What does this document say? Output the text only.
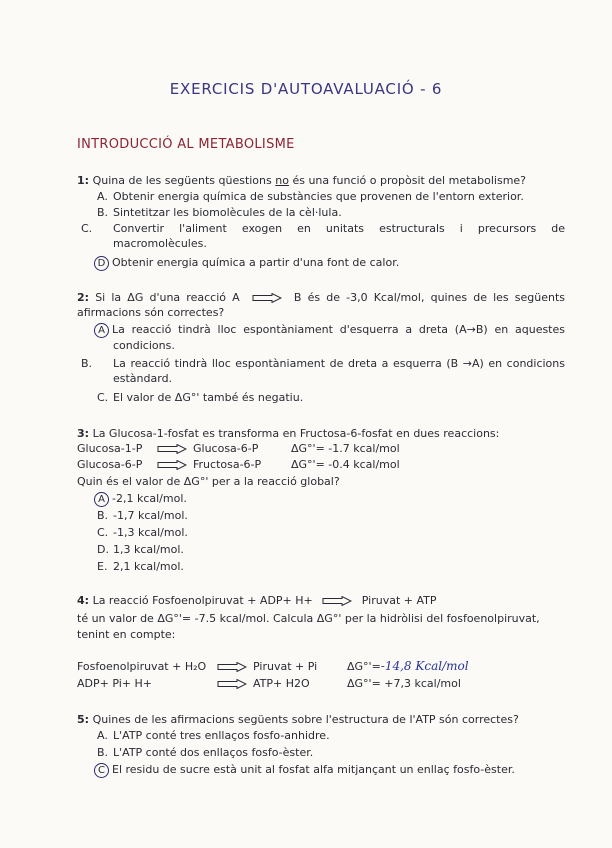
EXERCICIS D'AUTOAVALUACIÓ - 6
INTRODUCCIÓ AL METABOLISME
1: Quina de les següents qüestions no és una funció o propòsit del metabolisme?
A. Obtenir energia química de substàncies que provenen de l'entorn exterior.
B. Sintetitzar les biomolècules de la cèl·lula.
C. Convertir l'aliment exogen en unitats estructurals i precursors de macromolècules.
D Obtenir energia química a partir d'una font de calor.
2: Si la ΔG d'una reacció A	B és de -3,0 Kcal/mol, quines de les següents afirmacions són correctes?
A La reacció tindrà lloc espontàniament d'esquerra a dreta (A→B) en aquestes condicions.
B. La reacció tindrà lloc espontàniament de dreta a esquerra (B →A) en condicions estàndard.
C. El valor de ΔG°' també és negatiu.
3: La Glucosa-1-fosfat es transforma en Fructosa-6-fosfat en dues reaccions:
Glucosa-1-P	Glucosa-6-P	ΔG°'= -1.7 kcal/mol
Glucosa-6-P	Fructosa-6-P	ΔG°'= -0.4 kcal/mol
Quin és el valor de ΔG°' per a la reacció global?
A -2,1 kcal/mol.
B. -1,7 kcal/mol.
C. -1,3 kcal/mol.
D. 1,3 kcal/mol.
E. 2,1 kcal/mol.
4: La reacció Fosfoenolpiruvat + ADP+ H+	Piruvat + ATP
té un valor de ΔG°'= -7.5 kcal/mol. Calcula ΔG°' per la hidròlisi del fosfoenolpiruvat,
tenint en compte:
Fosfoenolpiruvat + H₂O	Piruvat + Pi	ΔG°'=-14,8 Kcal/mol
ADP+ Pi+ H+	ATP+ H2O	ΔG°'= +7,3 kcal/mol
5: Quines de les afirmacions següents sobre l'estructura de l'ATP són correctes?
A. L'ATP conté tres enllaços fosfo-anhidre.
B. L'ATP conté dos enllaços fosfo-èster.
C El residu de sucre està unit al fosfat alfa mitjançant un enllaç fosfo-èster.
